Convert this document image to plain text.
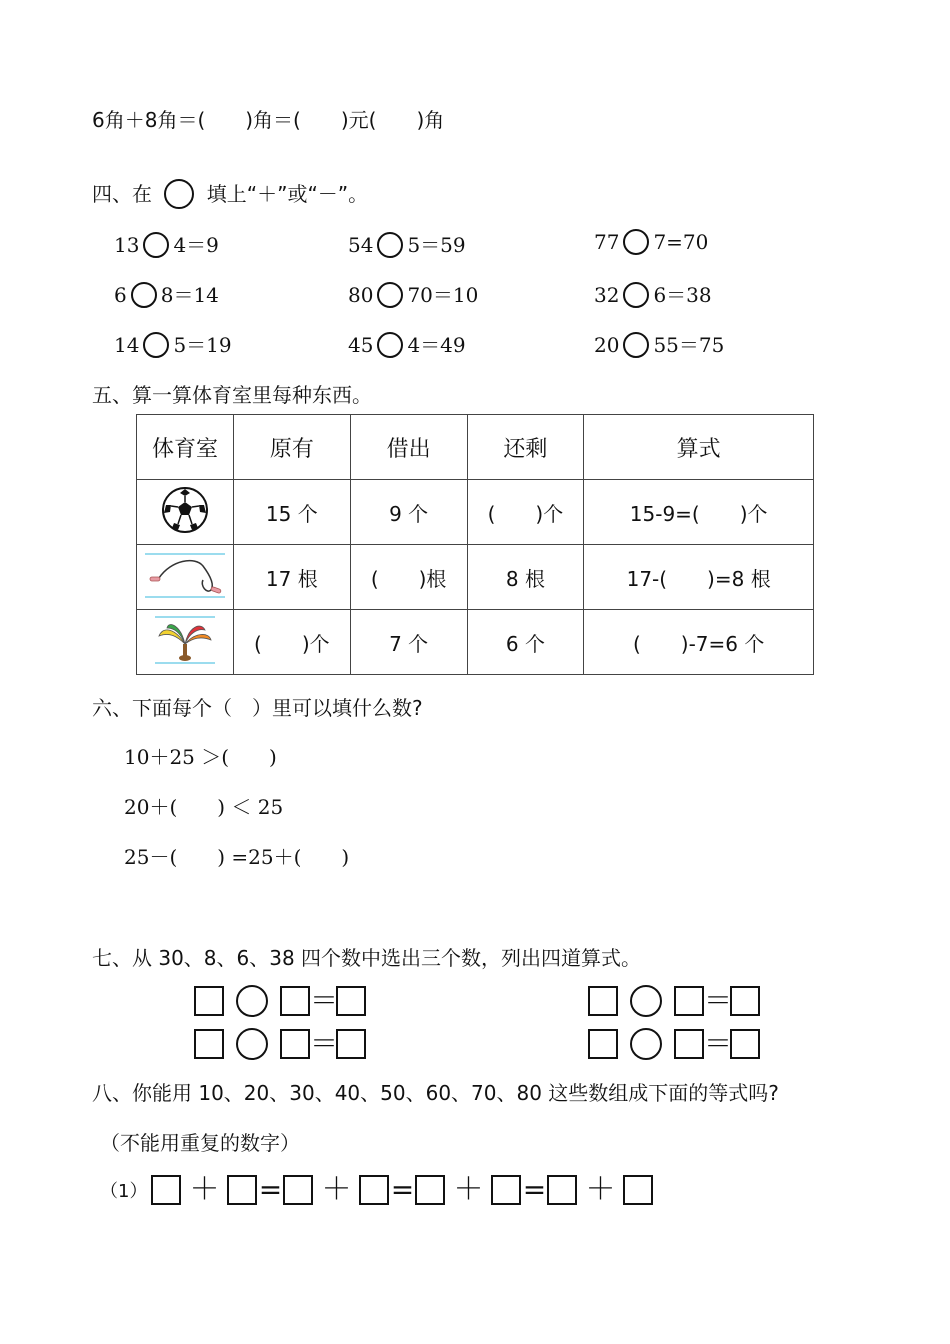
6角＋8角＝(　　)角＝(　　)元(　　)角
四、在	填上“＋”或“－”。
13 4＝9	54 5＝59	77 7=70
6 8＝14	80 70＝10	32 6＝38
14 5＝19	45 4＝49	20 55＝75
五、算一算体育室里每种东西。
体育室	原有	借出	还剩	算式
	15 个	9 个	(　　)个	15-9=(　　)个
	17 根	(　　)根	8 根	17-(　　)=8 根
	(　　)个	7 个	6 个	(　　)-7=6 个
六、下面每个（　）里可以填什么数?
10＋25 ＞(　　)
20＋(　　) ＜ 25
25－(　　) =25＋(　　)
七、从 30、8、6、38 四个数中选出三个数，列出四道算式。
＝	＝
＝	＝
八、你能用 10、20、30、40、50、60、70、80 这些数组成下面的等式吗?
（不能用重复的数字）
（1） ＋ = ＋ = ＋ = ＋
